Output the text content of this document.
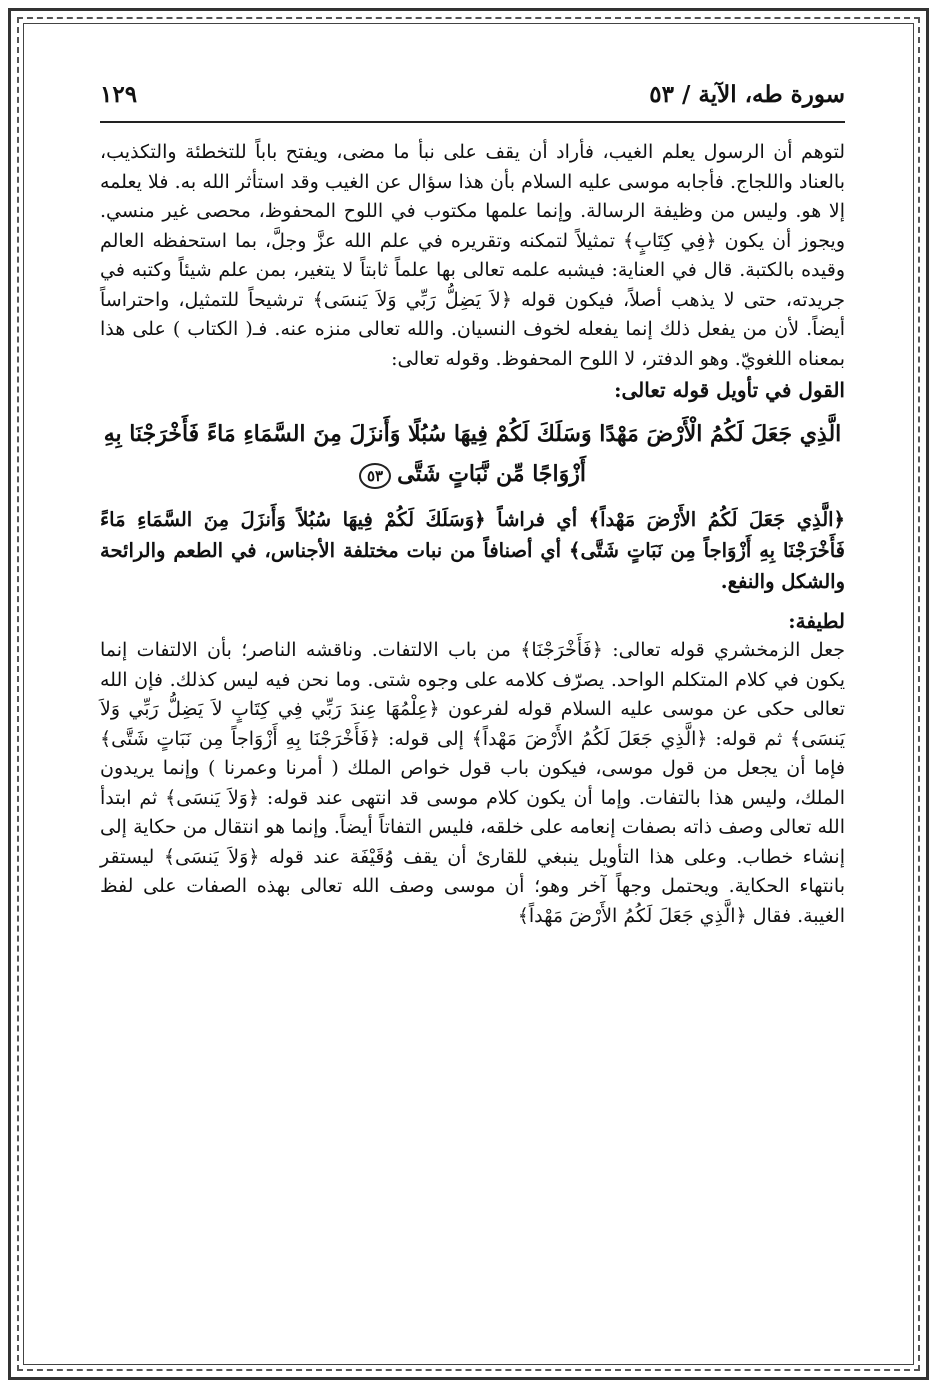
سورة طه، الآية / ٥٣
١٢٩

لتوهم أن الرسول يعلم الغيب، فأراد أن يقف على نبأ ما مضى، ويفتح باباً للتخطئة والتكذيب، بالعناد واللجاج. فأجابه موسى عليه السلام بأن هذا سؤال عن الغيب وقد استأثر الله به. فلا يعلمه إلا هو. وليس من وظيفة الرسالة. وإنما علمها مكتوب في اللوح المحفوظ، محصى غير منسي. ويجوز أن يكون ﴿فِي كِتَابٍ﴾ تمثيلاً لتمكنه وتقريره في علم الله عزَّ وجلَّ، بما استحفظه العالم وقيده بالكتبة. قال في العناية: فيشبه علمه تعالى بها علماً ثابتاً لا يتغير، بمن علم شيئاً وكتبه في جريدته، حتى لا يذهب أصلاً، فيكون قوله ﴿لاَ يَضِلُّ رَبِّي وَلاَ يَنسَى﴾ ترشيحاً للتمثيل، واحتراساً أيضاً. لأن من يفعل ذلك إنما يفعله لخوف النسيان. والله تعالى منزه عنه. فـ( الكتاب ) على هذا بمعناه اللغويّ. وهو الدفتر، لا اللوح المحفوظ. وقوله تعالى:

القول في تأويل قوله تعالى:

الَّذِي جَعَلَ لَكُمُ الْأَرْضَ مَهْدًا وَسَلَكَ لَكُمْ فِيهَا سُبُلًا وَأَنزَلَ مِنَ السَّمَاءِ مَاءً فَأَخْرَجْنَا بِهِ أَزْوَاجًا مِّن نَّبَاتٍ شَتَّى٥٣

﴿الَّذِي جَعَلَ لَكُمُ الأَرْضَ مَهْداً﴾ أي فراشاً ﴿وَسَلَكَ لَكُمْ فِيهَا سُبُلاً وَأَنزَلَ مِنَ السَّمَاءِ مَاءً فَأَخْرَجْنَا بِهِ أَزْوَاجاً مِن نَبَاتٍ شَتَّى﴾ أي أصنافاً من نبات مختلفة الأجناس، في الطعم والرائحة والشكل والنفع.

لطيفة:

جعل الزمخشري قوله تعالى: ﴿فَأَخْرَجْنَا﴾ من باب الالتفات. وناقشه الناصر؛ بأن الالتفات إنما يكون في كلام المتكلم الواحد. يصرّف كلامه على وجوه شتى. وما نحن فيه ليس كذلك. فإن الله تعالى حكى عن موسى عليه السلام قوله لفرعون ﴿عِلْمُهَا عِندَ رَبِّي فِي كِتَابٍ لاَ يَضِلُّ رَبِّي وَلاَ يَنسَى﴾ ثم قوله: ﴿الَّذِي جَعَلَ لَكُمُ الأَرْضَ مَهْداً﴾ إلى قوله: ﴿فَأَخْرَجْنَا بِهِ أَزْوَاجاً مِن نَبَاتٍ شَتَّى﴾ فإما أن يجعل من قول موسى، فيكون باب قول خواص الملك ( أمرنا وعمرنا ) وإنما يريدون الملك، وليس هذا بالتفات. وإما أن يكون كلام موسى قد انتهى عند قوله: ﴿وَلاَ يَنسَى﴾ ثم ابتدأ الله تعالى وصف ذاته بصفات إنعامه على خلقه، فليس التفاتاً أيضاً. وإنما هو انتقال من حكاية إلى إنشاء خطاب. وعلى هذا التأويل ينبغي للقارئ أن يقف وُقَيْفَة عند قوله ﴿وَلاَ يَنسَى﴾ ليستقر بانتهاء الحكاية. ويحتمل وجهاً آخر وهو؛ أن موسى وصف الله تعالى بهذه الصفات على لفظ الغيبة. فقال ﴿الَّذِي جَعَلَ لَكُمُ الأَرْضَ مَهْداً﴾
